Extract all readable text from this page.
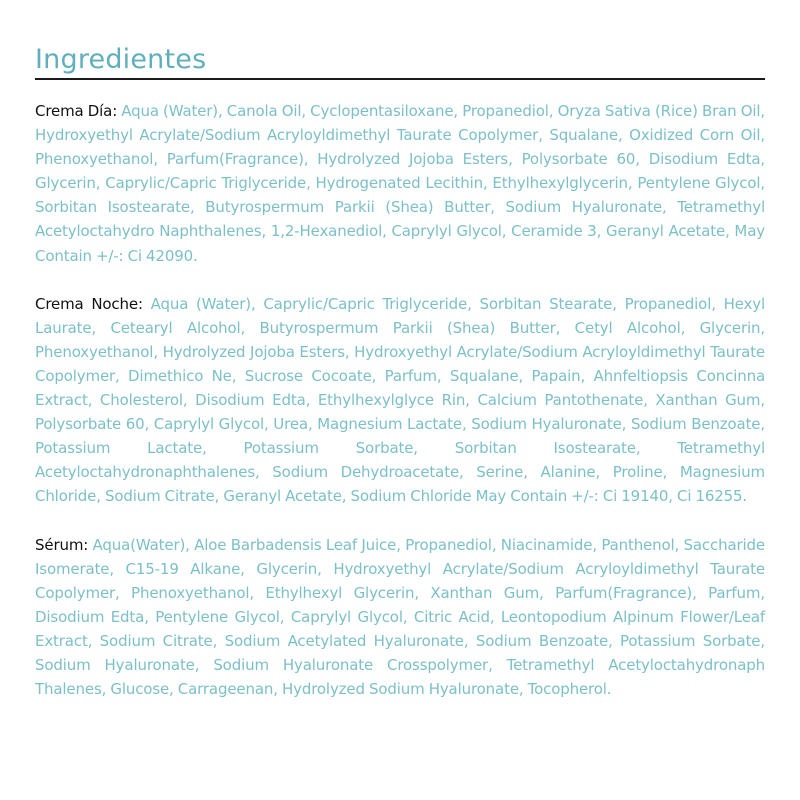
Ingredientes

Crema Día: Aqua (Water), Canola Oil, Cyclopentasiloxane, Propanediol, Oryza Sativa (Rice) Bran Oil, Hydroxyethyl Acrylate/Sodium Acryloyldimethyl Taurate Copolymer, Squalane, Oxidized Corn Oil, Phenoxyethanol, Parfum(Fragrance), Hydrolyzed Jojoba Esters, Polysorbate 60, Disodium Edta, Glycerin, Caprylic/Capric Triglyceride, Hydrogenated Lecithin, Ethylhexylglycerin, Pentylene Glycol, Sorbitan Isostearate, Butyrospermum Parkii (Shea) Butter, Sodium Hyaluronate, Tetramethyl Acetyloctahydro Naphthalenes, 1,2-Hexanediol, Caprylyl Glycol, Ceramide 3, Geranyl Acetate, May Contain +/-: Ci 42090.

Crema Noche: Aqua (Water), Caprylic/Capric Triglyceride, Sorbitan Stearate, Propanediol, Hexyl Laurate, Cetearyl Alcohol, Butyrospermum Parkii (Shea) Butter, Cetyl Alcohol, Glycerin, Phenoxyethanol, Hydrolyzed Jojoba Esters, Hydroxyethyl Acrylate/Sodium Acryloyldimethyl Taurate Copolymer, Dimethico Ne, Sucrose Cocoate, Parfum, Squalane, Papain, Ahnfeltiopsis Concinna Extract, Cholesterol, Disodium Edta, Ethylhexylglyce Rin, Calcium Pantothenate, Xanthan Gum, Polysorbate 60, Caprylyl Glycol, Urea, Magnesium Lactate, Sodium Hyaluronate, Sodium Benzoate, Potassium Lactate, Potassium Sorbate, Sorbitan Isostearate, Tetramethyl Acetyloctahydronaphthalenes, Sodium Dehydroacetate, Serine, Alanine, Proline, Magnesium Chloride, Sodium Citrate, Geranyl Acetate, Sodium Chloride May Contain +/-: Ci 19140, Ci 16255.

Sérum: Aqua(Water), Aloe Barbadensis Leaf Juice, Propanediol, Niacinamide, Panthenol, Saccharide Isomerate, C15-19 Alkane, Glycerin, Hydroxyethyl Acrylate/Sodium Acryloyldimethyl Taurate Copolymer, Phenoxyethanol, Ethylhexyl Glycerin, Xanthan Gum, Parfum(Fragrance), Parfum, Disodium Edta, Pentylene Glycol, Caprylyl Glycol, Citric Acid, Leontopodium Alpinum Flower/Leaf Extract, Sodium Citrate, Sodium Acetylated Hyaluronate, Sodium Benzoate, Potassium Sorbate, Sodium Hyaluronate, Sodium Hyaluronate Crosspolymer, Tetramethyl Acetyloctahydronaph Thalenes, Glucose, Carrageenan, Hydrolyzed Sodium Hyaluronate, Tocopherol.
